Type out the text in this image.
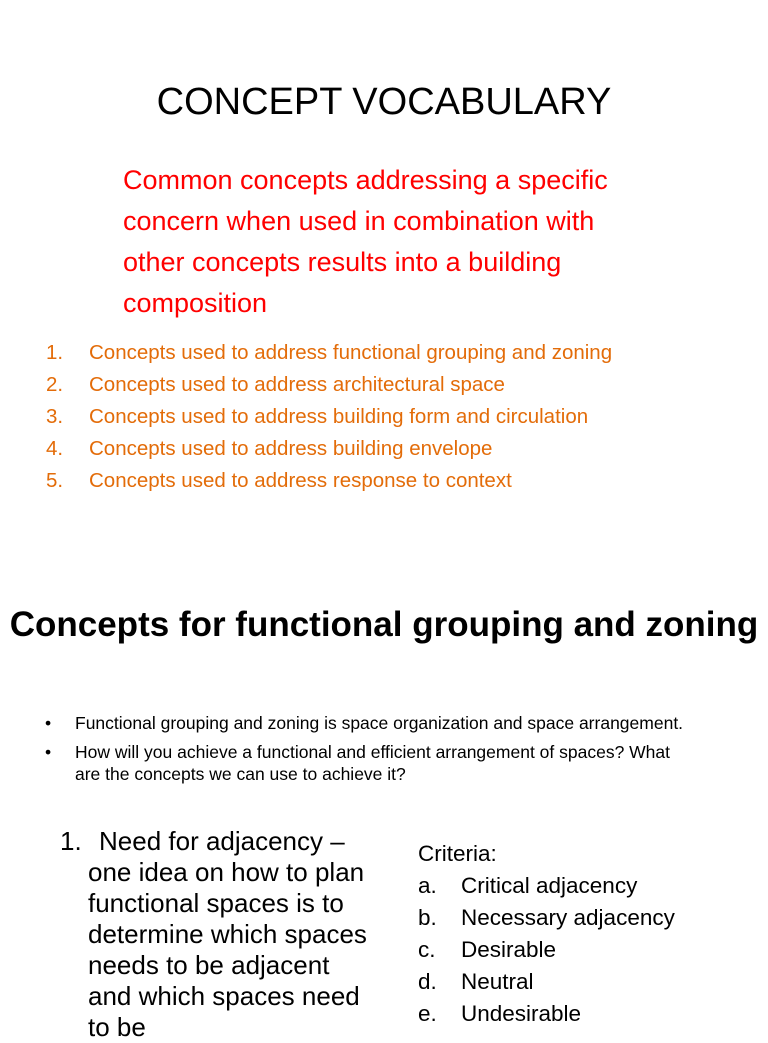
CONCEPT VOCABULARY

Common concepts addressing a specific concern when used in combination with other concepts results into a building composition

1. Concepts used to address functional grouping and zoning
2. Concepts used to address architectural space
3. Concepts used to address building form and circulation
4. Concepts used to address building envelope
5. Concepts used to address response to context
Concepts for functional grouping and zoning
• Functional grouping and zoning is space organization and space arrangement.
• How will you achieve a functional and efficient arrangement of spaces? What are the concepts we can use to achieve it?
1. Need for adjacency – one idea on how to plan functional spaces is to determine which spaces needs to be adjacent and which spaces need to be
Criteria:
a. Critical adjacency
b. Necessary adjacency
c. Desirable
d. Neutral
e. Undesirable
